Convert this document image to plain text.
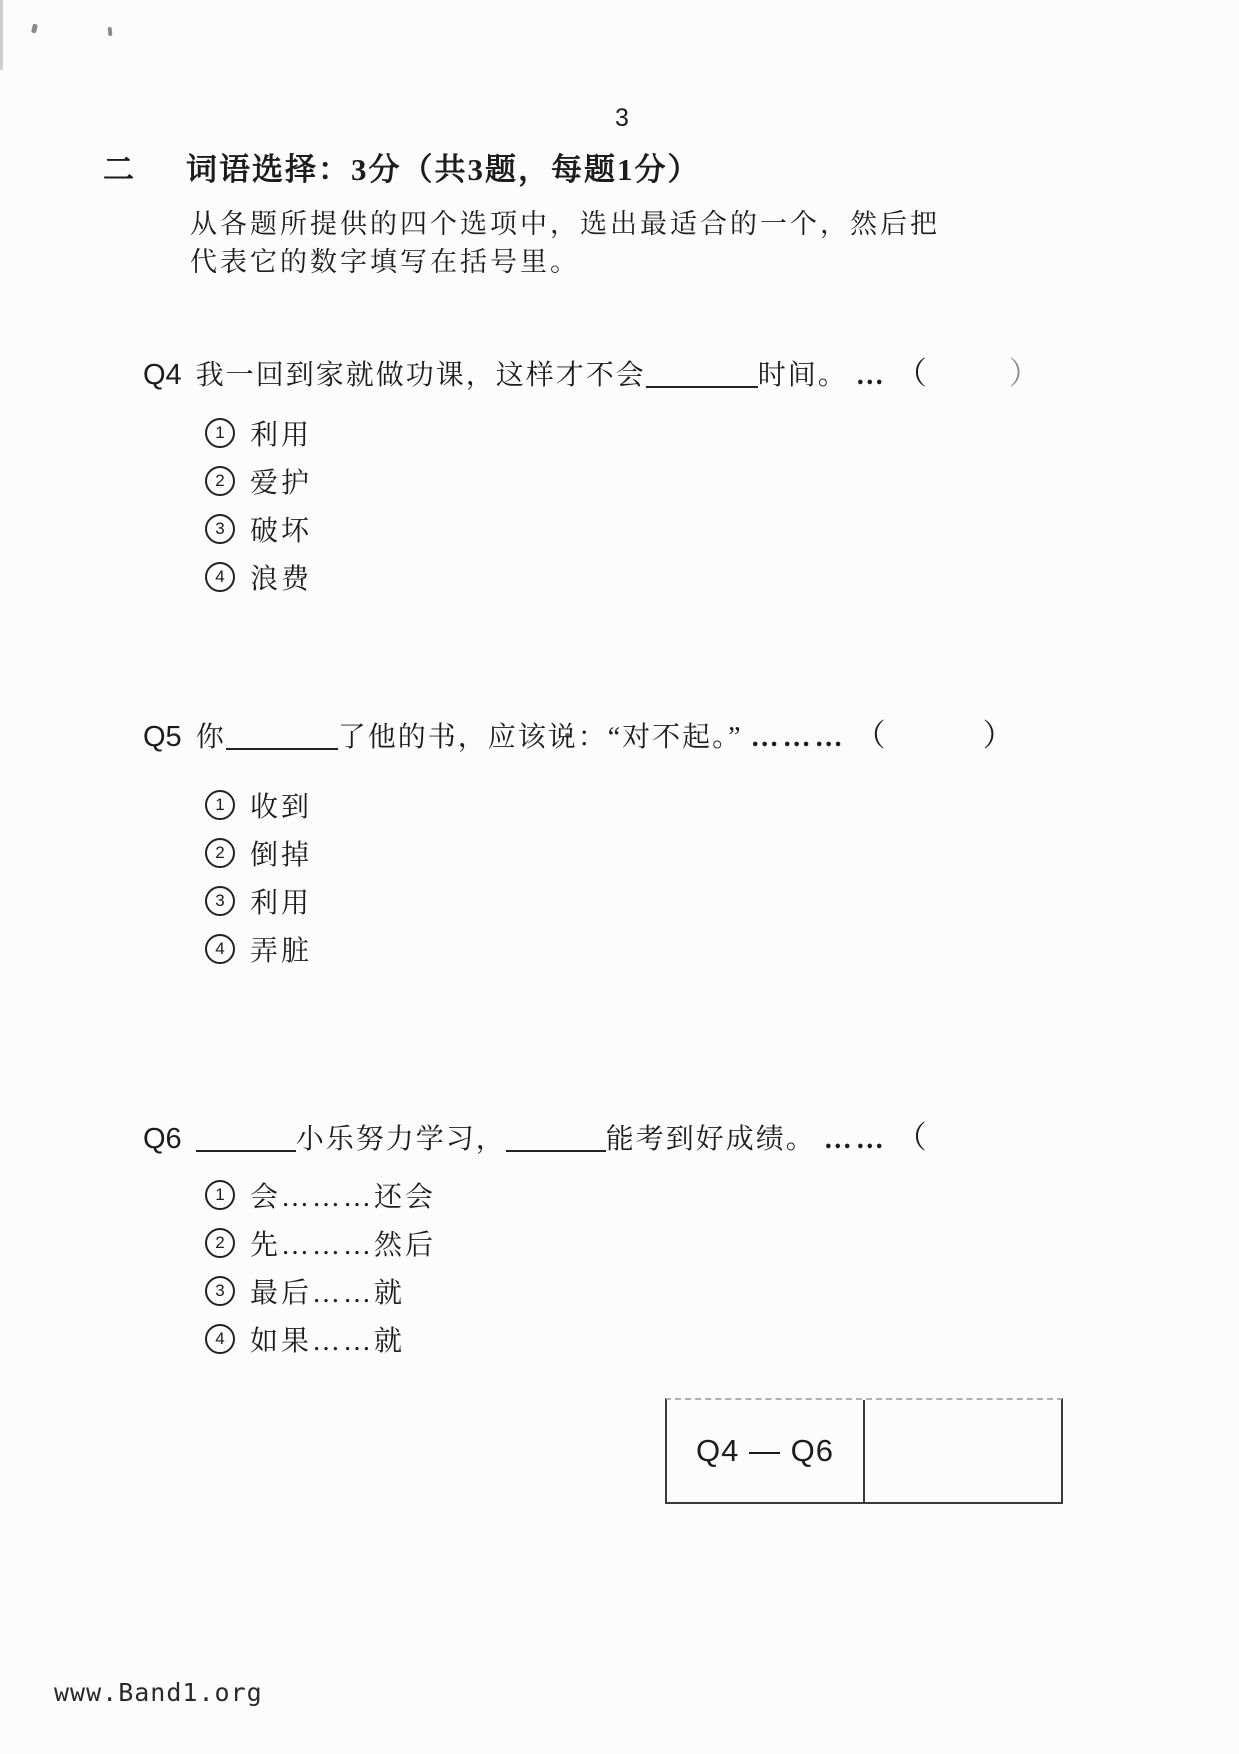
3
二 词语选择：3分（共3题，每题1分）
从各题所提供的四个选项中，选出最适合的一个，然后把
代表它的数字填写在括号里。
Q4 我一回到家就做功课，这样才不会	时间。 … （	）
1 利用
2 爱护
3 破坏
4 浪费
Q5 你	了他的书，应该说：“对不起。” ……… （	）
1 收到
2 倒掉
3 利用
4 弄脏
Q6	小乐努力学习，	能考到好成绩。 …… （
1 会………还会
2 先………然后
3 最后……就
4 如果……就
Q4 — Q6
www.Band1.org
